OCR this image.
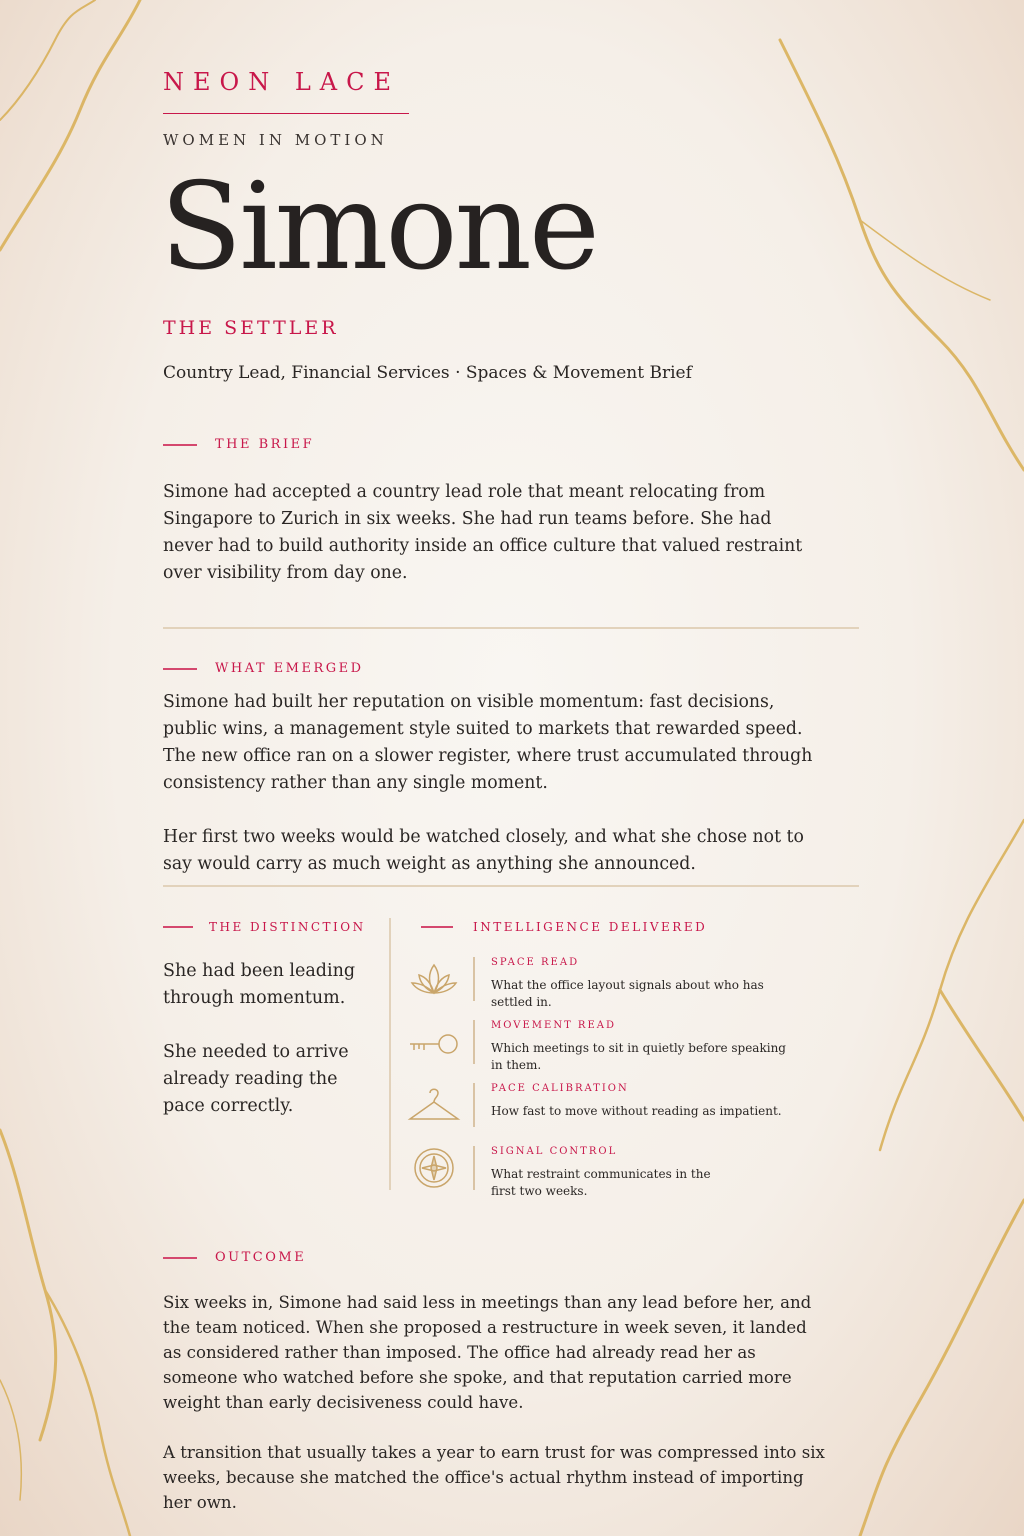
NEON LACE
WOMEN IN MOTION
Simone
THE SETTLER
Country Lead, Financial Services · Spaces & Movement Brief
THE BRIEF
Simone had accepted a country lead role that meant relocating from Singapore to Zurich in six weeks. She had run teams before. She had never had to build authority inside an office culture that valued restraint over visibility from day one.
WHAT EMERGED
Simone had built her reputation on visible momentum: fast decisions, public wins, a management style suited to markets that rewarded speed. The new office ran on a slower register, where trust accumulated through consistency rather than any single moment.
Her first two weeks would be watched closely, and what she chose not to say would carry as much weight as anything she announced.
THE DISTINCTION
She had been leading through momentum.
She needed to arrive already reading the pace correctly.
INTELLIGENCE DELIVERED
SPACE READ
What the office layout signals about who has settled in.
MOVEMENT READ
Which meetings to sit in quietly before speaking in them.
PACE CALIBRATION
How fast to move without reading as impatient.
SIGNAL CONTROL
What restraint communicates in the first two weeks.
OUTCOME
Six weeks in, Simone had said less in meetings than any lead before her, and the team noticed. When she proposed a restructure in week seven, it landed as considered rather than imposed. The office had already read her as someone who watched before she spoke, and that reputation carried more weight than early decisiveness could have.
A transition that usually takes a year to earn trust for was compressed into six weeks, because she matched the office's actual rhythm instead of importing her own.
